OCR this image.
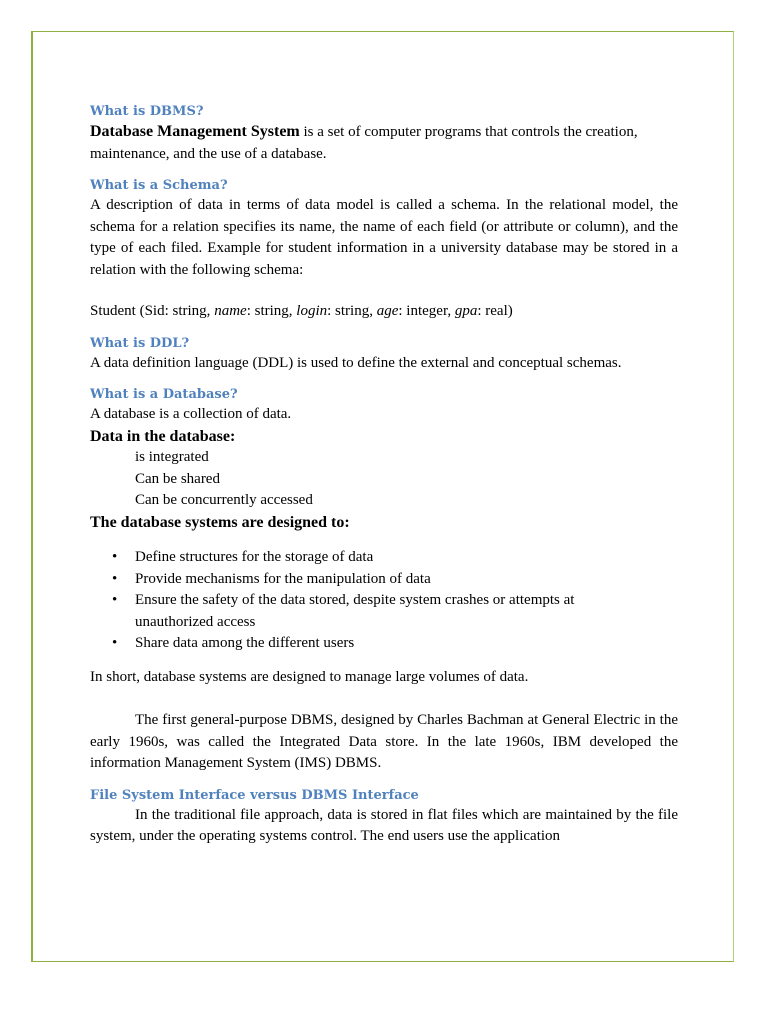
What is DBMS?

Database Management System is a set of computer programs that controls the creation, maintenance, and the use of a database.

What is a Schema?

A description of data in terms of data model is called a schema. In the relational model, the schema for a relation specifies its name, the name of each field (or attribute or column), and the type of each filed. Example for student information in a university database may be stored in a relation with the following schema:

Student (Sid: string, name: string, login: string, age: integer, gpa: real)

What is DDL?

A data definition language (DDL) is used to define the external and conceptual schemas.

What is a Database?

A database is a collection of data.

Data in the database:

is integrated

Can be shared

Can be concurrently accessed

The database systems are designed to:

• Define structures for the storage of data
• Provide mechanisms for the manipulation of data
• Ensure the safety of the data stored, despite system crashes or attempts at unauthorized access
• Share data among the different users

In short, database systems are designed to manage large volumes of data.

The first general-purpose DBMS, designed by Charles Bachman at General Electric in the early 1960s, was called the Integrated Data store. In the late 1960s, IBM developed the information Management System (IMS) DBMS.

File System Interface versus DBMS Interface

In the traditional file approach, data is stored in flat files which are maintained by the file system, under the operating systems control. The end users use the application
